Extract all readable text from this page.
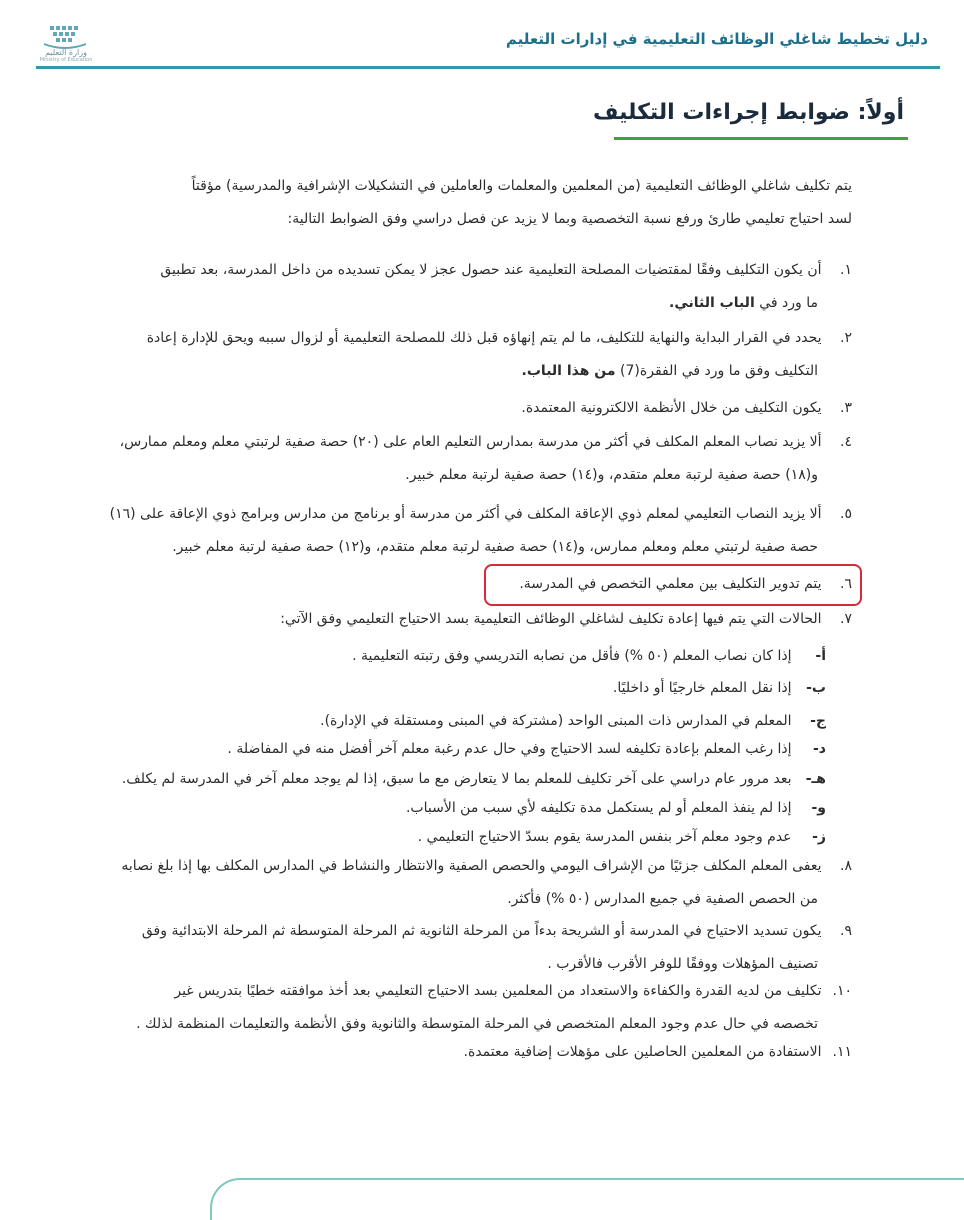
وزارة التعليم
Ministry of Education
دليل تخطيط شاغلي الوظائف التعليمية في إدارات التعليم
أولاً: ضوابط إجراءات التكليف
يتم تكليف شاغلي الوظائف التعليمية (من المعلمين والمعلمات والعاملين في التشكيلات الإشرافية والمدرسية) مؤقتاً
لسد احتياج تعليمي طارئ ورفع نسبة التخصصية وبما لا يزيد عن فصل دراسي وفق الضوابط التالية:
١. أن يكون التكليف وفقًا لمقتضيات المصلحة التعليمية عند حصول عجز لا يمكن تسديده من داخل المدرسة، بعد تطبيق
ما ورد في الباب الثاني.
٢. يحدد في القرار البداية والنهاية للتكليف، ما لم يتم إنهاؤه قبل ذلك للمصلحة التعليمية أو لزوال سببه ويحق للإدارة إعادة
التكليف وفق ما ورد في الفقرة(7) من هذا الباب.
٣. يكون التكليف من خلال الأنظمة الالكترونية المعتمدة.
٤. ألا يزيد نصاب المعلم المكلف في أكثر من مدرسة بمدارس التعليم العام على (٢٠) حصة صفية لرتبتي معلم ومعلم ممارس،
و(١٨) حصة صفية لرتبة معلم متقدم، و(١٤) حصة صفية لرتبة معلم خبير.
٥. ألا يزيد النصاب التعليمي لمعلم ذوي الإعاقة المكلف في أكثر من مدرسة أو برنامج من مدارس وبرامج ذوي الإعاقة على (١٦)
حصة صفية لرتبتي معلم ومعلم ممارس، و(١٤) حصة صفية لرتبة معلم متقدم، و(١٢) حصة صفية لرتبة معلم خبير.
٦. يتم تدوير التكليف بين معلمي التخصص في المدرسة.
٧. الحالات التي يتم فيها إعادة تكليف لشاغلي الوظائف التعليمية بسد الاحتياج التعليمي وفق الآتي:
أ- إذا كان نصاب المعلم (٥٠ %) فأقل من نصابه التدريسي وفق رتبته التعليمية .
ب- إذا نقل المعلم خارجيًا أو داخليًا.
ج- المعلم في المدارس ذات المبنى الواحد (مشتركة في المبنى ومستقلة في الإدارة).
د- إذا رغب المعلم بإعادة تكليفه لسد الاحتياج وفي حال عدم رغبة معلم آخر أفضل منه في المفاضلة .
هـ- بعد مرور عام دراسي على آخر تكليف للمعلم بما لا يتعارض مع ما سبق، إذا لم يوجد معلم آخر في المدرسة لم يكلف.
و- إذا لم ينفذ المعلم أو لم يستكمل مدة تكليفه لأي سبب من الأسباب.
ز- عدم وجود معلم آخر بنفس المدرسة يقوم بسدّ الاحتياج التعليمي .
٨. يعفى المعلم المكلف جزئيًا من الإشراف اليومي والحصص الصفية والانتظار والنشاط في المدارس المكلف بها إذا بلغ نصابه
من الحصص الصفية في جميع المدارس (٥٠ %) فأكثر.
٩. يكون تسديد الاحتياج في المدرسة أو الشريحة بدءاً من المرحلة الثانوية ثم المرحلة المتوسطة ثم المرحلة الابتدائية وفق
تصنيف المؤهلات ووفقًا للوفر الأقرب فالأقرب .
١٠. تكليف من لديه القدرة والكفاءة والاستعداد من المعلمين بسد الاحتياج التعليمي بعد أخذ موافقته خطيًا بتدريس غير
تخصصه في حال عدم وجود المعلم المتخصص في المرحلة المتوسطة والثانوية وفق الأنظمة والتعليمات المنظمة لذلك .
١١. الاستفادة من المعلمين الحاصلين على مؤهلات إضافية معتمدة.
